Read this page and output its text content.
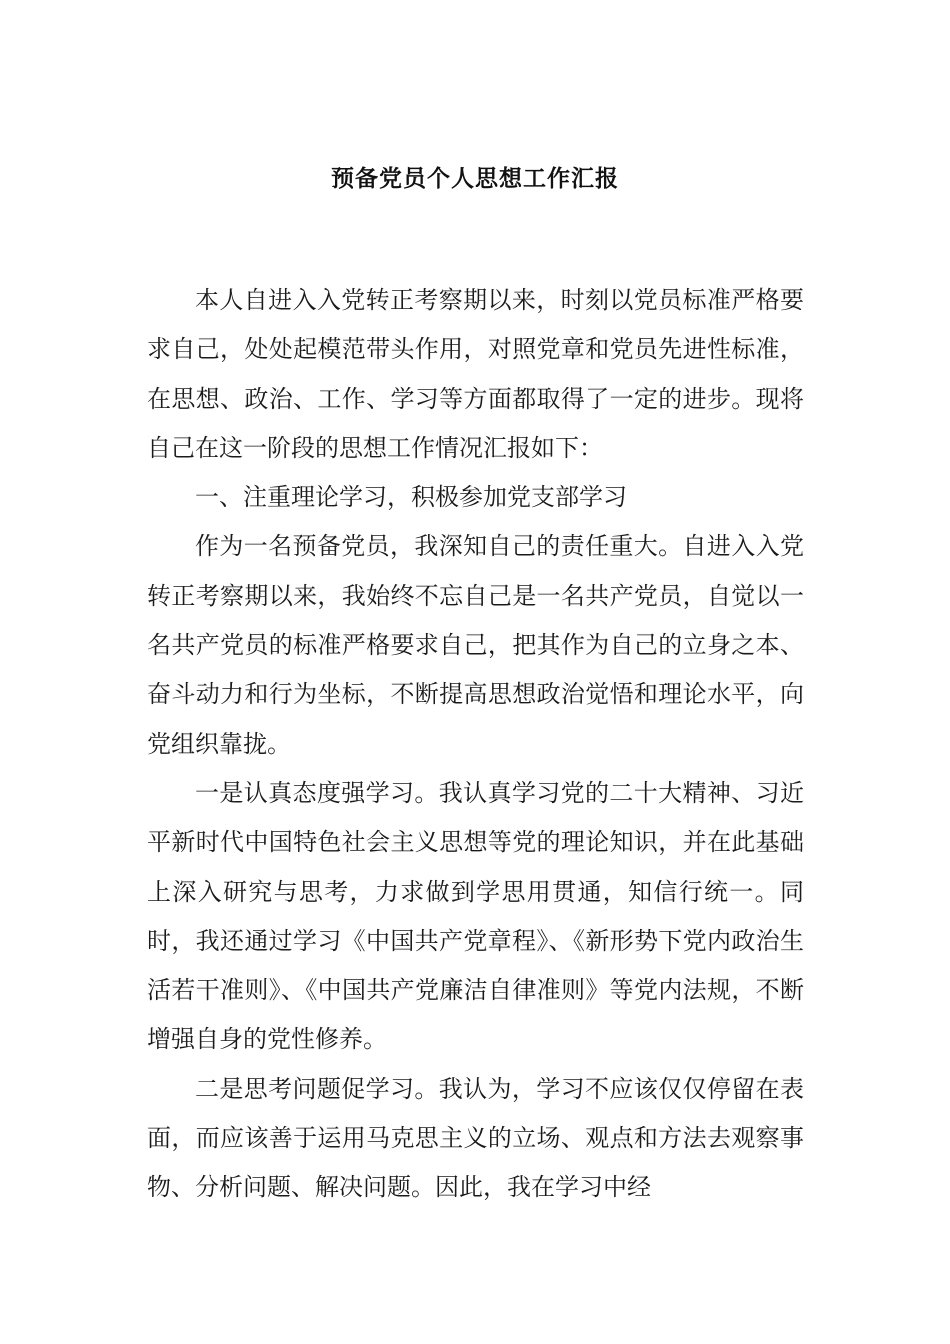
预备党员个人思想工作汇报

本人自进入入党转正考察期以来，时刻以党员标准严格要求自己，处处起模范带头作用，对照党章和党员先进性标准，在思想、政治、工作、学习等方面都取得了一定的进步。现将自己在这一阶段的思想工作情况汇报如下：

一、注重理论学习，积极参加党支部学习

作为一名预备党员，我深知自己的责任重大。自进入入党转正考察期以来，我始终不忘自己是一名共产党员，自觉以一名共产党员的标准严格要求自己，把其作为自己的立身之本、奋斗动力和行为坐标，不断提高思想政治觉悟和理论水平，向党组织靠拢。

一是认真态度强学习。我认真学习党的二十大精神、习近平新时代中国特色社会主义思想等党的理论知识，并在此基础上深入研究与思考，力求做到学思用贯通，知信行统一。同时，我还通过学习《中国共产党章程》、《新形势下党内政治生活若干准则》、《中国共产党廉洁自律准则》等党内法规，不断增强自身的党性修养。

二是思考问题促学习。我认为，学习不应该仅仅停留在表面，而应该善于运用马克思主义的立场、观点和方法去观察事物、分析问题、解决问题。因此，我在学习中经
